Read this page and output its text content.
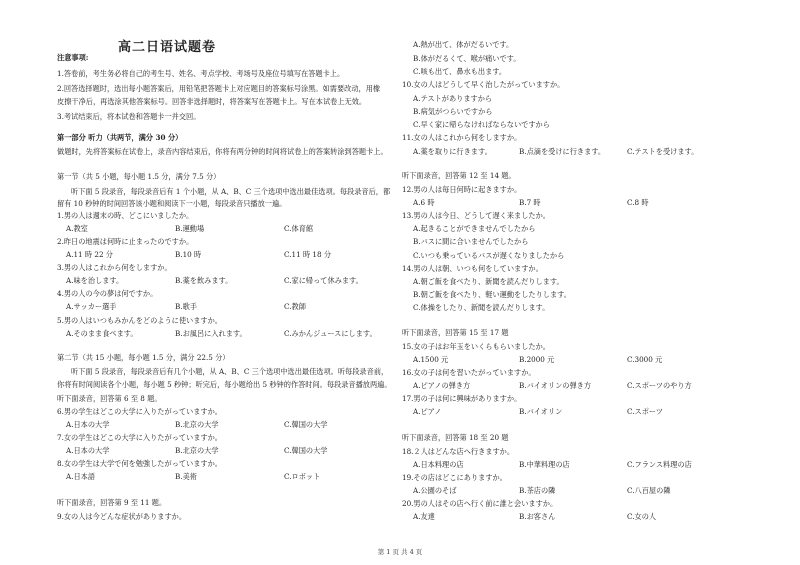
高二日语试题卷
注意事项:
1.答卷前，考生务必将自己的考生号、姓名、考点学校、考场号及座位号填写在答题卡上。
2.回答选择题时，选出每小题答案后，用铅笔把答题卡上对应题目的答案标号涂黑。如需要改动，用橡
皮擦干净后，再选涂其他答案标号。回答非选择题时，将答案写在答题卡上。写在本试卷上无效。
3.考试结束后，将本试卷和答题卡一并交回。
第一部分 听力（共两节，满分 30 分）
做题时，先将答案标在试卷上，录音内容结束后，你将有两分钟的时间将试卷上的答案转涂到答题卡上。
第一节（共 5 小题，每小题 1.5 分，满分 7.5 分）
听下面 5 段录音，每段录音后有 1 个小题，从 A、B、C 三个选项中选出最佳选项。每段录音后，都
留有 10 秒钟的时间回答该小题和阅读下一小题，每段录音只播放一遍。
1.男の人は週末の時、どこにいましたか。
A.教室	B.運動場	C.体育館
2.昨日の地震は何時に止まったのですか。
A.11 時 22 分	B.10 時	C.11 時 18 分
3.男の人はこれから何をしますか。
A.味を治します。	B.薬を飲みます。	C.家に帰って休みます。
4.男の人の今の夢は何ですか。
A.サッカー選手	B.歌手	C.教師
5.男の人はいつもみかんをどのように使いますか。
A.そのまま食べます。	B.お風呂に入れます。	C.みかんジュースにします。
第二节（共 15 小题，每小题 1.5 分，满分 22.5 分）
听下面 5 段录音，每段录音后有几个小题，从 A、B、C 三个选项中选出最佳选项。听每段录音前，
你将有时间阅读各个小题，每小题 5 秒钟；听完后，每小题给出 5 秒钟的作答时间。每段录音播放两遍。
听下面录音，回答第 6 至 8 题。
6.男の学生はどこの大学に入りたがっていますか。
A.日本の大学	B.北京の大学	C.韓国の大学
7.女の学生はどこの大学に入りたがっていますか。
A.日本の大学	B.北京の大学	C.韓国の大学
8.女の学生は大学で何を勉強したがっていますか。
A.日本語	B.美術	C.ロボット
听下面录音，回答第 9 至 11 题。
9.女の人は今どんな症状がありますか。
A.熱が出て、体がだるいです。
B.体がだるくて、喉が痛いです。
C.咳も出て、鼻水も出ます。
10.女の人はどうして早く治したがっていますか。
A.テストがありますから
B.病気がつらいですから
C.早く家に帰らなければならないですから
11.女の人はこれから何をしますか。
A.薬を取りに行きます。	B.点滴を受けに行きます。	C.テストを受けます。
听下面录音，回答第 12 至 14 题。
12.男の人は毎日何時に起きますか。
A.6 時	B.7 時	C.8 時
13.男の人は今日、どうして遅く来ましたか。
A.起きることができませんでしたから
B.バスに間に合いませんでしたから
C.いつも乗っているバスが遅くなりましたから
14.男の人は朝、いつも何をしていますか。
A.朝ご飯を食べたり、新聞を読んだりします。
B.朝ご飯を食べたり、軽い運動をしたりします。
C.体操をしたり、新聞を読んだりします。
听下面录音，回答第 15 至 17 题
15.女の子はお年玉をいくらもらいましたか。
A.1500 元	B.2000 元	C.3000 元
16.女の子は何を習いたがっていますか。
A.ピアノの弾き方	B.バイオリンの弾き方	C.スポーツのやり方
17.男の子は何に興味がありますか。
A.ピアノ	B.バイオリン	C.スポーツ
听下面录音，回答第 18 至 20 题
18.２人はどんな店へ行きますか。
A.日本料理の店	B.中華料理の店	C.フランス料理の店
19.その店はどこにありますか。
A.公園のそば	B.茶店の隣	C.八百屋の隣
20.男の人はその店へ行く前に誰と会いますか。
A.友達	B.お客さん	C.女の人
第 1 页 共 4 页
